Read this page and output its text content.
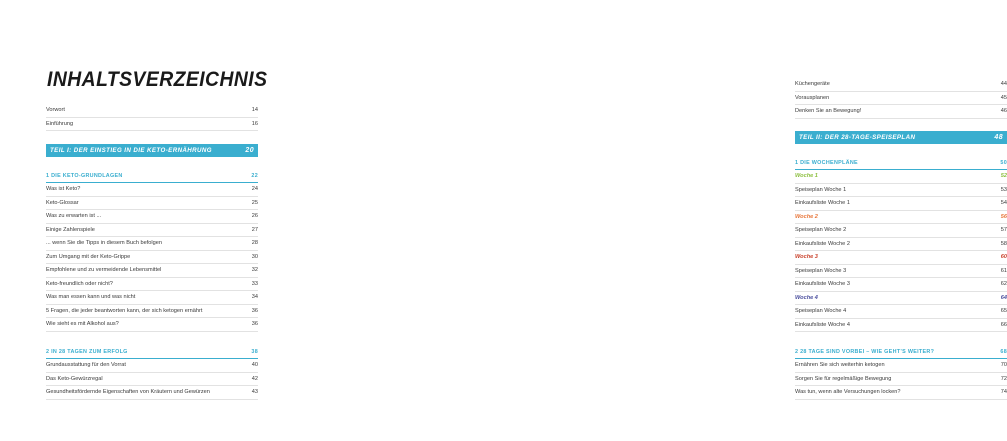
INHALTSVERZEICHNIS
Vorwort	14
Einführung	16
TEIL I: DER EINSTIEG IN DIE KETO-ERNÄHRUNG	20
1 DIE KETO-GRUNDLAGEN	22
Was ist Keto?	24
Keto-Glossar	25
Was zu erwarten ist ...	26
Einige Zahlenspiele	27
... wenn Sie die Tipps in diesem Buch befolgen	28
Zum Umgang mit der Keto-Grippe	30
Empfohlene und zu vermeidende Lebensmittel	32
Keto-freundlich oder nicht?	33
Was man essen kann und was nicht	34
5 Fragen, die jeder beantworten kann, der sich ketogen ernährt	36
Wie sieht es mit Alkohol aus?	36
2 IN 28 TAGEN ZUM ERFOLG	38
Grundausstattung für den Vorrat	40
Das Keto-Gewürzregal	42
Gesundheitsfördernde Eigenschaften von Kräutern und Gewürzen	43
Küchengeräte	44
Vorausplanen	45
Denken Sie an Bewegung!	46
TEIL II: DER 28-TAGE-SPEISEPLAN	48
1 DIE WOCHENPLÄNE	50
Woche 1	52
Speiseplan Woche 1	53
Einkaufsliste Woche 1	54
Woche 2	56
Speiseplan Woche 2	57
Einkaufsliste Woche 2	58
Woche 3	60
Speiseplan Woche 3	61
Einkaufsliste Woche 3	62
Woche 4	64
Speiseplan Woche 4	65
Einkaufsliste Woche 4	66
2 28 TAGE SIND VORBEI – WIE GEHT’S WEITER?	68
Ernähren Sie sich weiterhin ketogen	70
Sorgen Sie für regelmäßige Bewegung	72
Was tun, wenn alte Versuchungen locken?	74
